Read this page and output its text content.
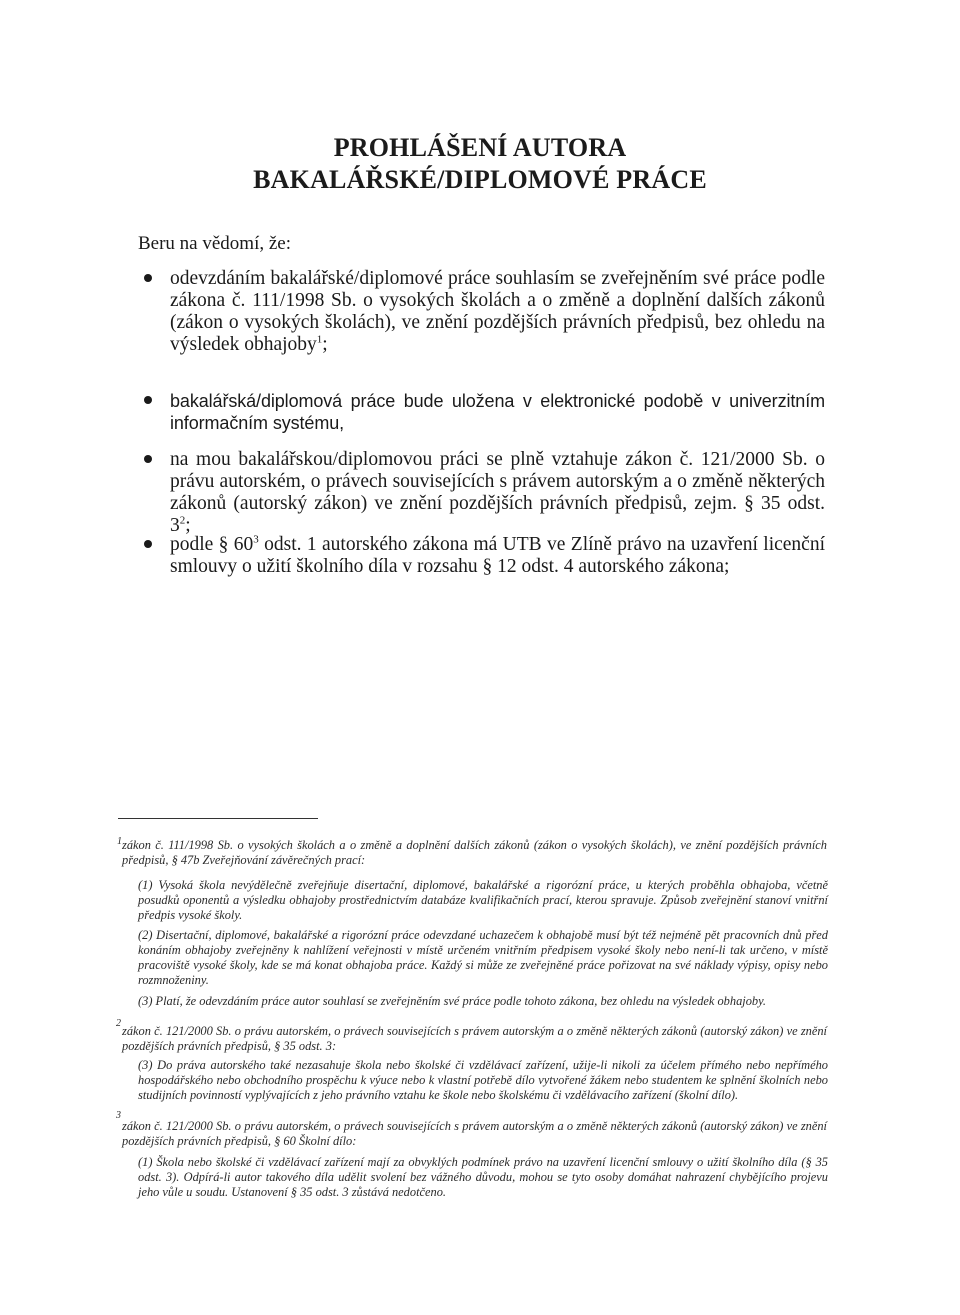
PROHLÁŠENÍ AUTORA
BAKALÁŘSKÉ/DIPLOMOVÉ PRÁCE
Beru na vědomí, že:
odevzdáním bakalářské/diplomové práce souhlasím se zveřejněním své práce podle zákona č. 111/1998 Sb. o vysokých školách a o změně a doplnění dalších zákonů (zákon o vysokých školách), ve znění pozdějších právních předpisů, bez ohledu na výsledek obhajoby$^1$;
bakalářská/diplomová práce bude uložena v elektronické podobě v univerzitním informačním systému,
na mou bakalářskou/diplomovou práci se plně vztahuje zákon č. 121/2000 Sb. o právu autorském, o právech souvisejících s právem autorským a o změně některých zákonů (autorský zákon) ve znění pozdějších právních předpisů, zejm. § 35 odst. $3^2$;
podle § $60^3$ odst. 1 autorského zákona má UTB ve Zlíně právo na uzavření licenční smlouvy o užití školního díla v rozsahu § 12 odst. 4 autorského zákona;
1 zákon č. 111/1998 Sb. o vysokých školách a o změně a doplnění dalších zákonů (zákon o vysokých školách), ve znění pozdějších právních předpisů, § 47b Zveřejňování závěrečných prací:
(1) Vysoká škola nevýdělečně zveřejňuje disertační, diplomové, bakalářské a rigorózní práce, u kterých proběhla obhajoba, včetně posudků oponentů a výsledku obhajoby prostřednictvím databáze kvalifikačních prací, kterou spravuje. Způsob zveřejnění stanoví vnitřní předpis vysoké školy.
(2) Disertační, diplomové, bakalářské a rigorózní práce odevzdané uchazečem k obhajobě musí být též nejméně pět pracovních dnů před konáním obhajoby zveřejněny k nahlížení veřejnosti v místě určeném vnitřním předpisem vysoké školy nebo není-li tak určeno, v místě pracoviště vysoké školy, kde se má konat obhajoba práce. Každý si může ze zveřejněné práce pořizovat na své náklady výpisy, opisy nebo rozmnoženiny.
(3) Platí, že odevzdáním práce autor souhlasí se zveřejněním své práce podle tohoto zákona, bez ohledu na výsledek obhajoby.
2
zákon č. 121/2000 Sb. o právu autorském, o právech souvisejících s právem autorským a o změně některých zákonů (autorský zákon) ve znění pozdějších právních předpisů, § 35 odst. 3:
(3) Do práva autorského také nezasahuje škola nebo školské či vzdělávací zařízení, užije-li nikoli za účelem přímého nebo nepřímého hospodářského nebo obchodního prospěchu k výuce nebo k vlastní potřebě dílo vytvořené žákem nebo studentem ke splnění školních nebo studijních povinností vyplývajících z jeho právního vztahu ke škole nebo školskému či vzdělávacího zařízení (školní dílo).
3
zákon č. 121/2000 Sb. o právu autorském, o právech souvisejících s právem autorským a o změně některých zákonů (autorský zákon) ve znění pozdějších právních předpisů, § 60 Školní dílo:
(1) Škola nebo školské či vzdělávací zařízení mají za obvyklých podmínek právo na uzavření licenční smlouvy o užití školního díla (§ 35 odst. 3). Odpírá-li autor takového díla udělit svolení bez vážného důvodu, mohou se tyto osoby domáhat nahrazení chybějícího projevu jeho vůle u soudu. Ustanovení § 35 odst. 3 zůstává nedotčeno.
